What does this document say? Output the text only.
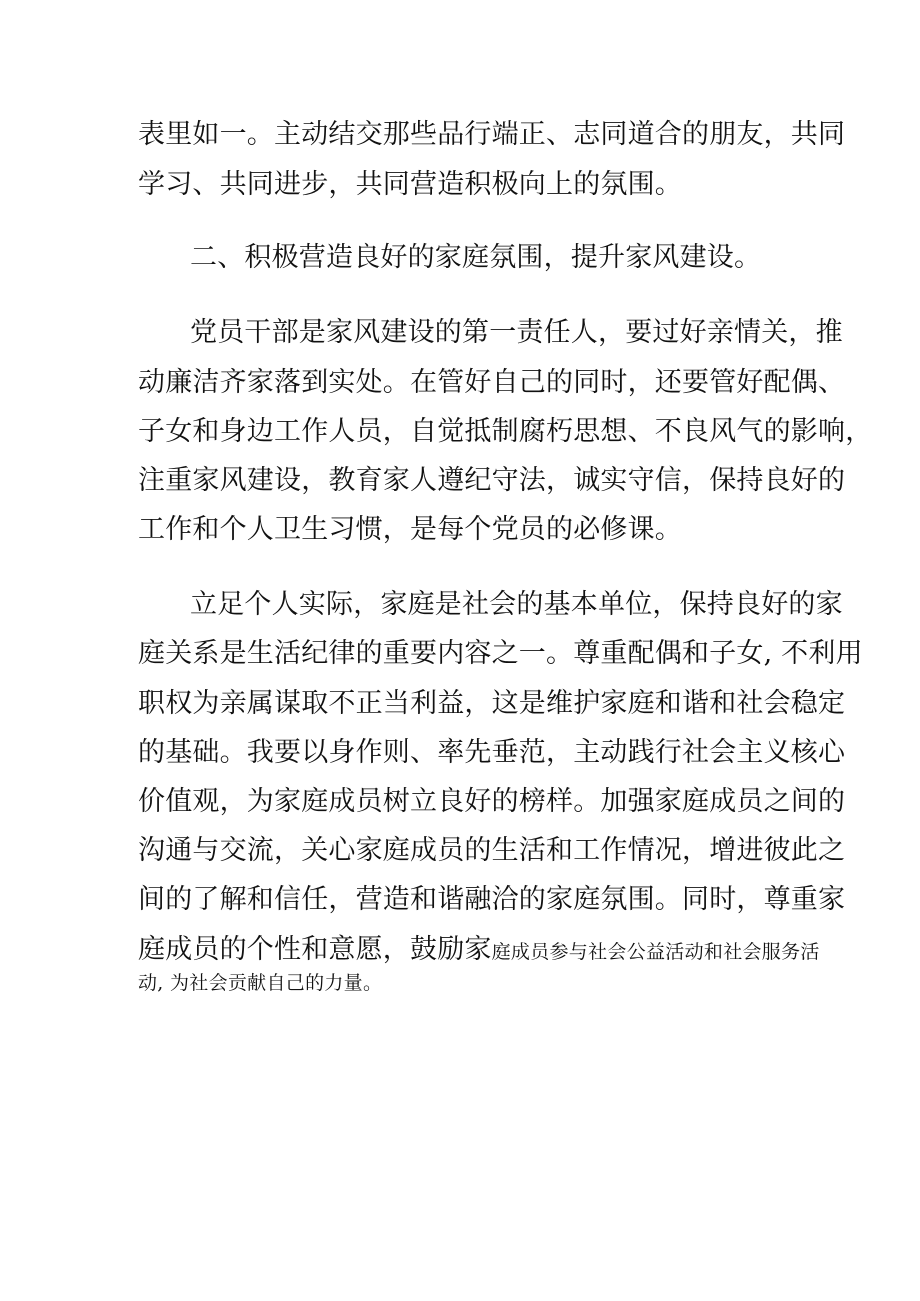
表里如一。主动结交那些品行端正、志同道合的朋友，共同
学习、共同进步，共同营造积极向上的氛围。
二、积极营造良好的家庭氛围，提升家风建设。
党员干部是家风建设的第一责任人，要过好亲情关，推
动廉洁齐家落到实处。在管好自己的同时，还要管好配偶、
子女和身边工作人员，自觉抵制腐朽思想、不良风气的影响，
注重家风建设，教育家人遵纪守法，诚实守信，保持良好的
工作和个人卫生习惯，是每个党员的必修课。
立足个人实际，家庭是社会的基本单位，保持良好的家
庭关系是生活纪律的重要内容之一。尊重配偶和子女, 不利用
职权为亲属谋取不正当利益，这是维护家庭和谐和社会稳定
的基础。我要以身作则、率先垂范，主动践行社会主义核心
价值观，为家庭成员树立良好的榜样。加强家庭成员之间的
沟通与交流，关心家庭成员的生活和工作情况，增进彼此之
间的了解和信任，营造和谐融洽的家庭氛围。同时，尊重家
庭成员的个性和意愿，鼓励家庭成员参与社会公益活动和社会服务活
动, 为社会贡献自己的力量。
